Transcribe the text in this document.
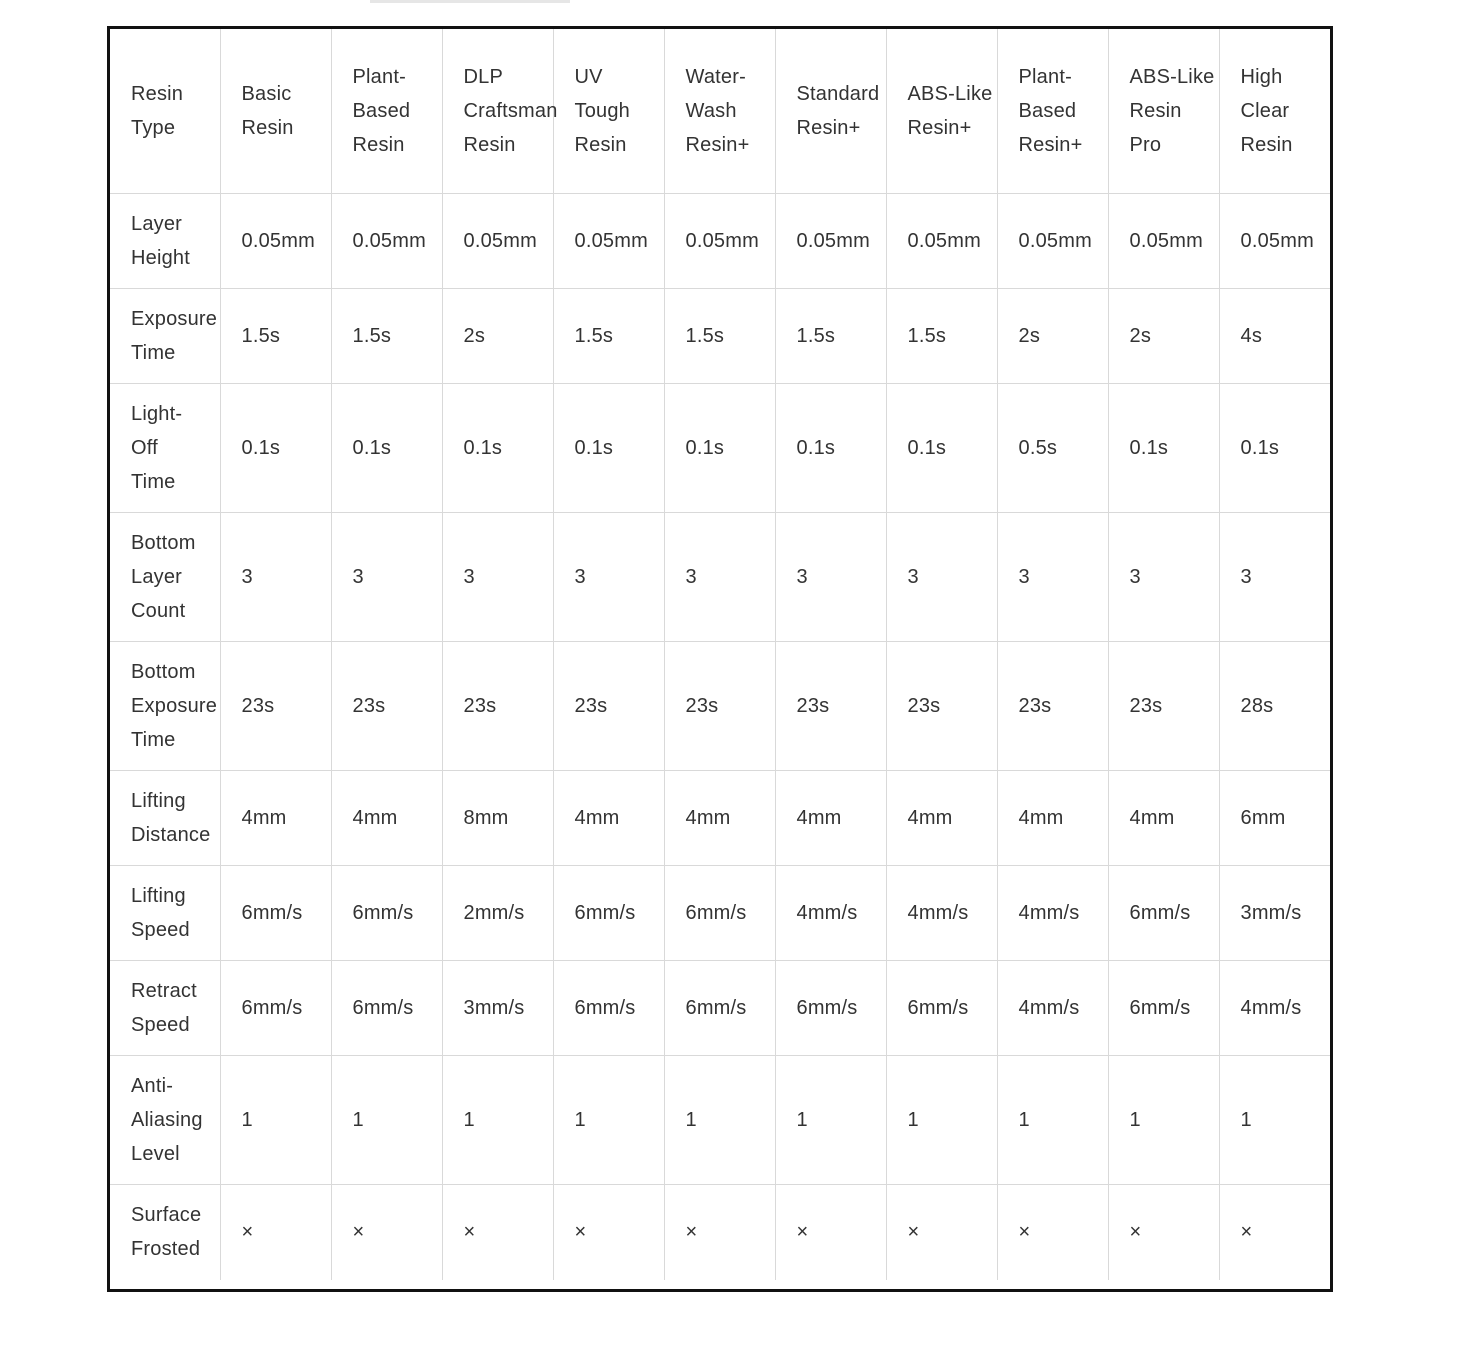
Resin Type	Basic Resin	Plant-Based Resin	DLP Craftsman Resin	UV Tough Resin	Water-Wash Resin+	Standard Resin+	ABS-Like Resin+	Plant-Based Resin+	ABS-Like Resin Pro	High Clear Resin
Layer Height	0.05mm	0.05mm	0.05mm	0.05mm	0.05mm	0.05mm	0.05mm	0.05mm	0.05mm	0.05mm
Exposure Time	1.5s	1.5s	2s	1.5s	1.5s	1.5s	1.5s	2s	2s	4s
Light-Off Time	0.1s	0.1s	0.1s	0.1s	0.1s	0.1s	0.1s	0.5s	0.1s	0.1s
Bottom Layer Count	3	3	3	3	3	3	3	3	3	3
Bottom Exposure Time	23s	23s	23s	23s	23s	23s	23s	23s	23s	28s
Lifting Distance	4mm	4mm	8mm	4mm	4mm	4mm	4mm	4mm	4mm	6mm
Lifting Speed	6mm/s	6mm/s	2mm/s	6mm/s	6mm/s	4mm/s	4mm/s	4mm/s	6mm/s	3mm/s
Retract Speed	6mm/s	6mm/s	3mm/s	6mm/s	6mm/s	6mm/s	6mm/s	4mm/s	6mm/s	4mm/s
Anti-Aliasing Level	1	1	1	1	1	1	1	1	1	1
Surface Frosted	×	×	×	×	×	×	×	×	×	×
